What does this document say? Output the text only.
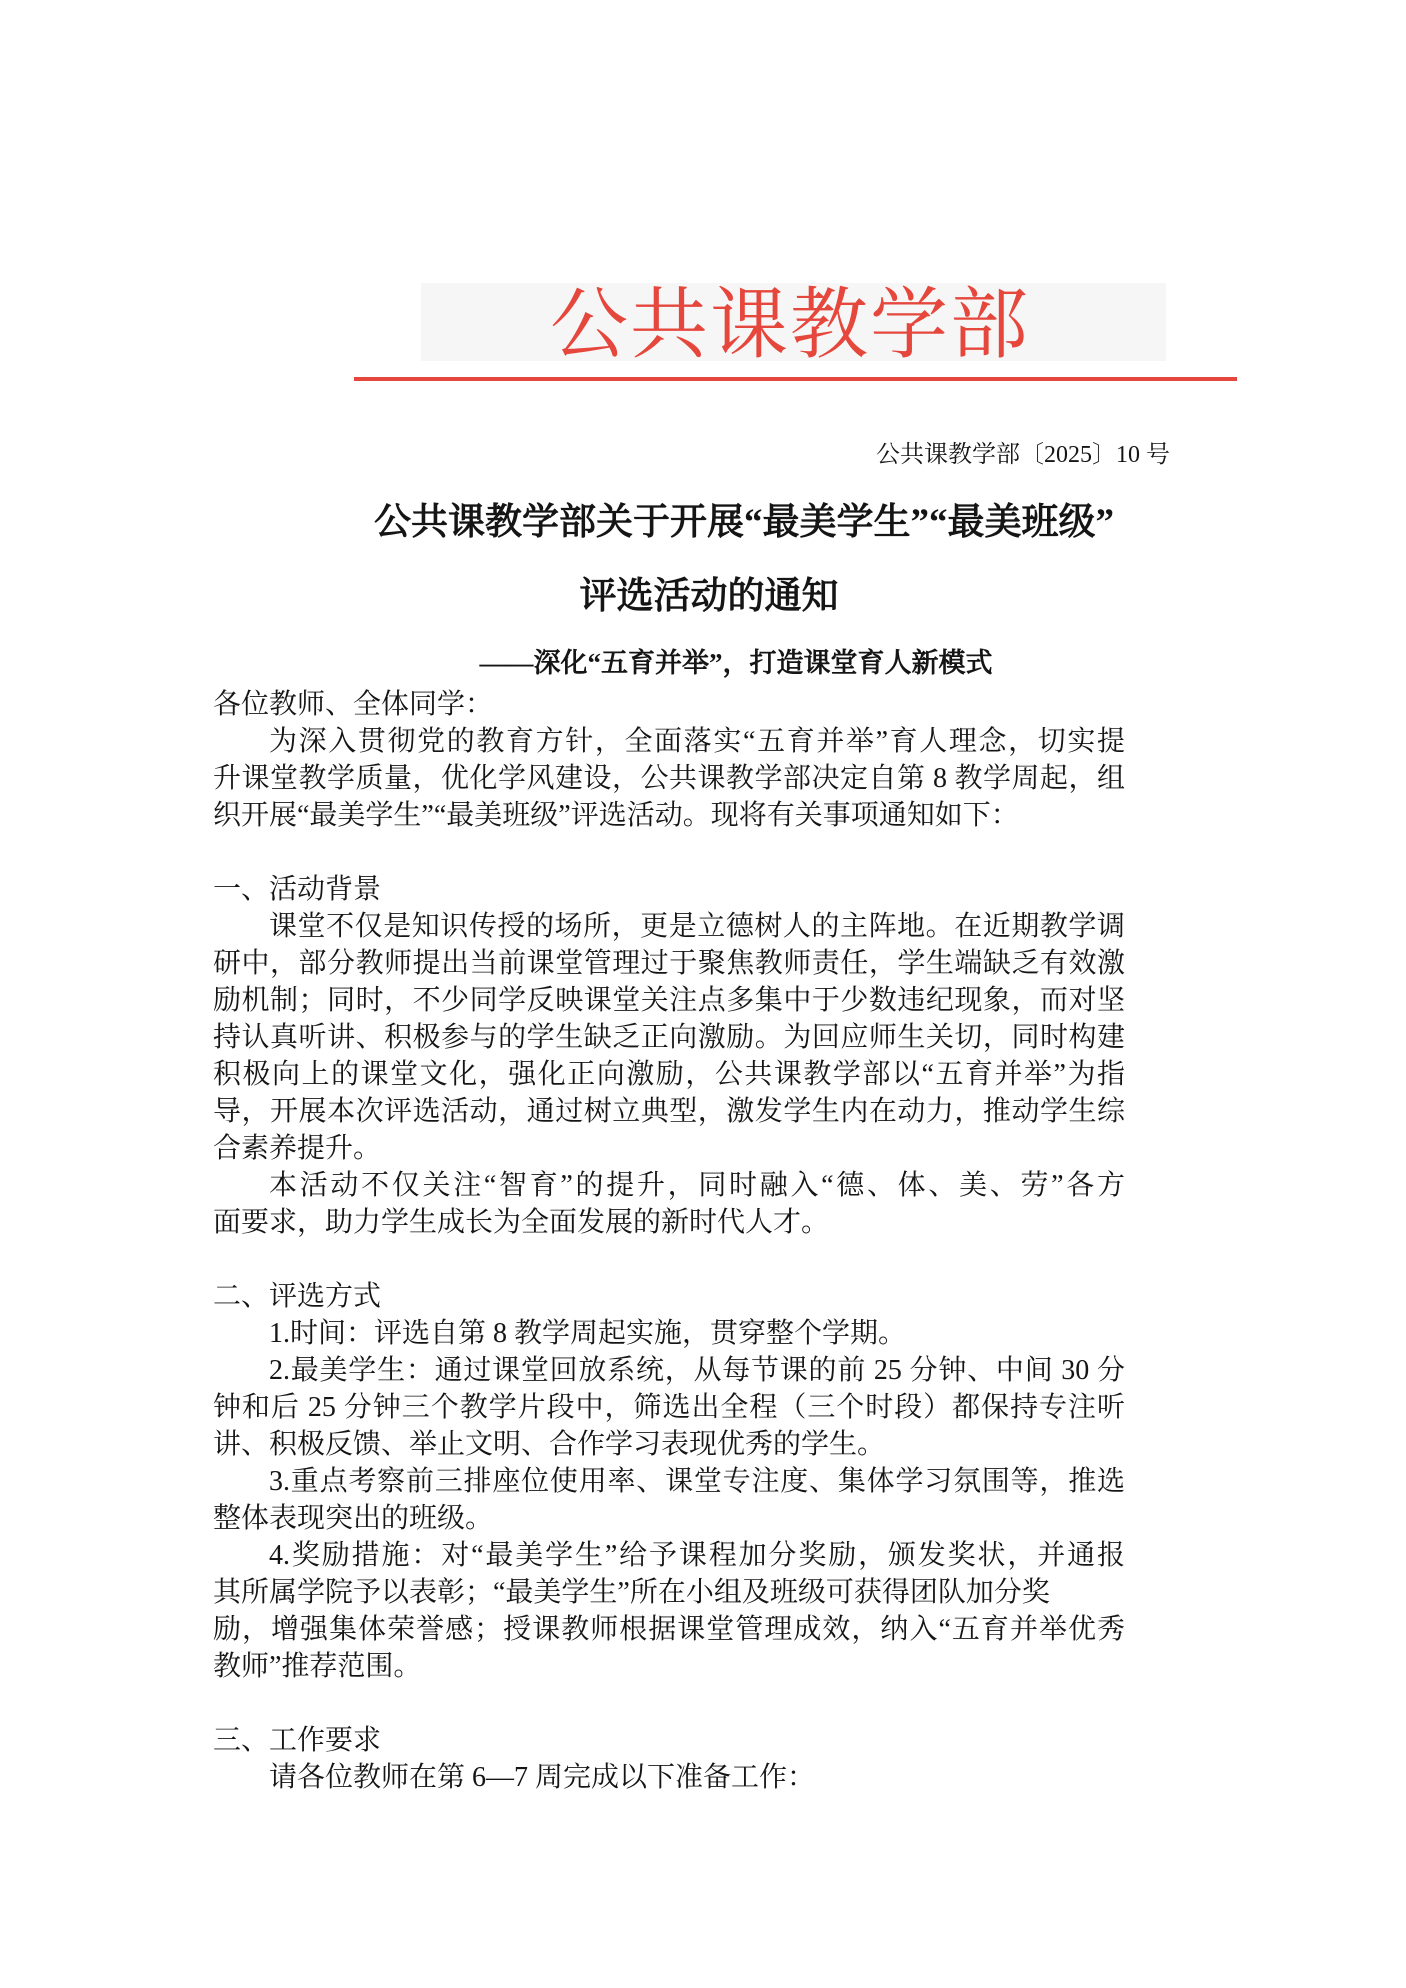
公共课教学部
公共课教学部〔2025〕10 号
公共课教学部关于开展“最美学生”“最美班级”
评选活动的通知
——深化“五育并举”，打造课堂育人新模式
各位教师、全体同学：
为深入贯彻党的教育方针，全面落实“五育并举”育人理念，切实提
升课堂教学质量，优化学风建设，公共课教学部决定自第 8 教学周起，组
织开展“最美学生”“最美班级”评选活动。现将有关事项通知如下：
一、活动背景
课堂不仅是知识传授的场所，更是立德树人的主阵地。在近期教学调
研中，部分教师提出当前课堂管理过于聚焦教师责任，学生端缺乏有效激
励机制；同时，不少同学反映课堂关注点多集中于少数违纪现象，而对坚
持认真听讲、积极参与的学生缺乏正向激励。为回应师生关切，同时构建
积极向上的课堂文化，强化正向激励，公共课教学部以“五育并举”为指
导，开展本次评选活动，通过树立典型，激发学生内在动力，推动学生综
合素养提升。
本活动不仅关注“智育”的提升，同时融入“德、体、美、劳”各方
面要求，助力学生成长为全面发展的新时代人才。
二、评选方式
1.时间：评选自第 8 教学周起实施，贯穿整个学期。
2.最美学生：通过课堂回放系统，从每节课的前 25 分钟、中间 30 分
钟和后 25 分钟三个教学片段中，筛选出全程（三个时段）都保持专注听
讲、积极反馈、举止文明、合作学习表现优秀的学生。
3.重点考察前三排座位使用率、课堂专注度、集体学习氛围等，推选
整体表现突出的班级。
4.奖励措施：对“最美学生”给予课程加分奖励，颁发奖状，并通报
其所属学院予以表彰；“最美学生”所在小组及班级可获得团队加分奖
励，增强集体荣誉感；授课教师根据课堂管理成效，纳入“五育并举优秀
教师”推荐范围。
三、工作要求
请各位教师在第 6—7 周完成以下准备工作：
